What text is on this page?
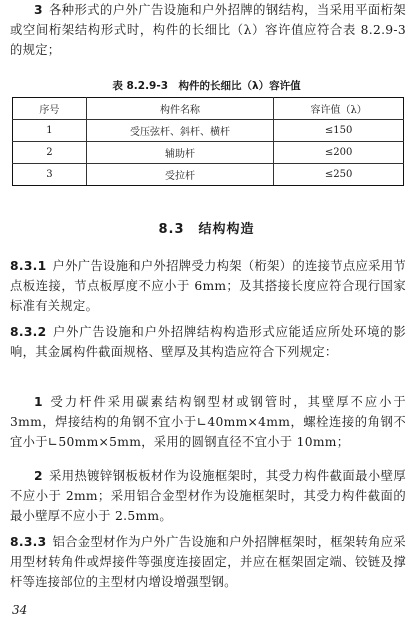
3 各种形式的户外广告设施和户外招牌的钢结构，当采用平面桁架或空间桁架结构形式时，构件的长细比（λ）容许值应符合表 8.2.9-3 的规定；

表 8.2.9-3　构件的长细比（λ）容许值
序号	构件名称	容许值（λ）
1	受压弦杆、斜杆、横杆	≤150
2	辅助杆	≤200
3	受拉杆	≤250
8.3　结构构造

8.3.1 户外广告设施和户外招牌受力构架（桁架）的连接节点应采用节点板连接，节点板厚度不应小于 6mm；及其搭接长度应符合现行国家标准有关规定。

8.3.2 户外广告设施和户外招牌结构构造形式应能适应所处环境的影响，其金属构件截面规格、壁厚及其构造应符合下列规定：

1 受力杆件采用碳素结构钢型材或钢管时，其壁厚不应小于 3mm，焊接结构的角钢不宜小于∟40mm×4mm，螺栓连接的角钢不宜小于∟50mm×5mm，采用的圆钢直径不宜小于 10mm；

2 采用热镀锌钢板板材作为设施框架时，其受力构件截面最小壁厚不应小于 2mm；采用铝合金型材作为设施框架时，其受力构件截面的最小壁厚不应小于 2.5mm。

8.3.3 铝合金型材作为户外广告设施和户外招牌框架时，框架转角应采用型材转角件或焊接件等强度连接固定，并应在框架固定端、铰链及撑杆等连接部位的主型材内增设增强型钢。

34
